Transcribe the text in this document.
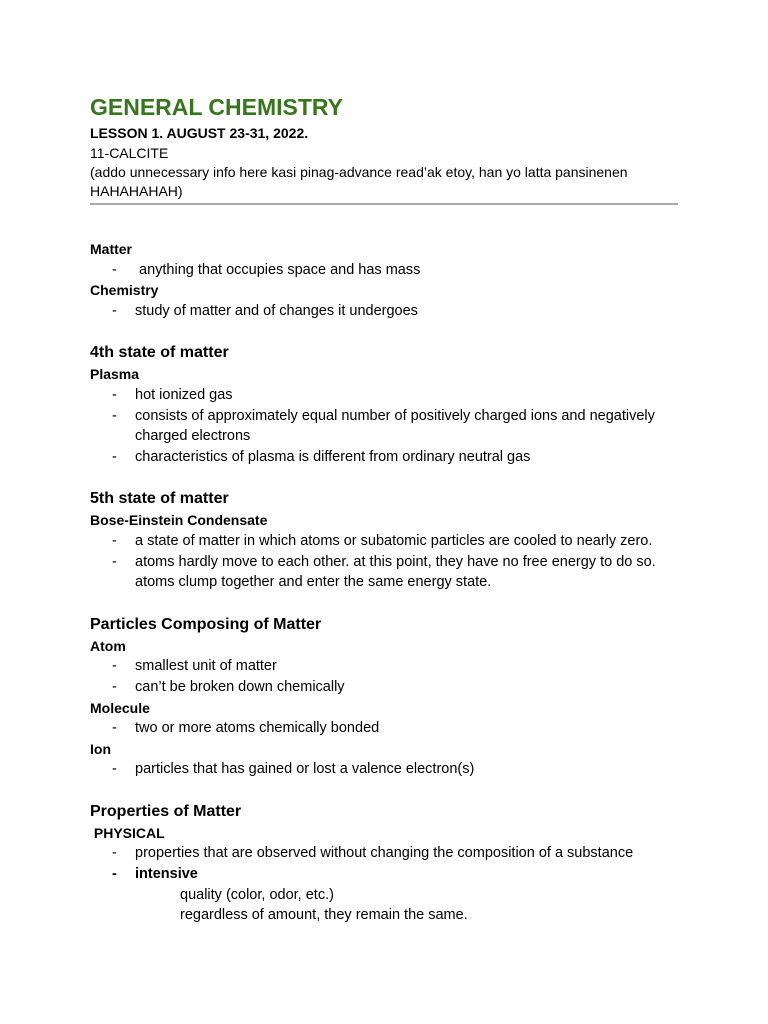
GENERAL CHEMISTRY
LESSON 1. AUGUST 23-31, 2022.
11-CALCITE
(addo unnecessary info here kasi pinag-advance read’ak etoy, han yo latta pansinenen
HAHAHAHAH)
Matter
- anything that occupies space and has mass
Chemistry
- study of matter and of changes it undergoes
4th state of matter
Plasma
- hot ionized gas
- consists of approximately equal number of positively charged ions and negatively
charged electrons
- characteristics of plasma is different from ordinary neutral gas
5th state of matter
Bose-Einstein Condensate
- a state of matter in which atoms or subatomic particles are cooled to nearly zero.
- atoms hardly move to each other. at this point, they have no free energy to do so.
atoms clump together and enter the same energy state.
Particles Composing of Matter
Atom
- smallest unit of matter
- can’t be broken down chemically
Molecule
- two or more atoms chemically bonded
Ion
- particles that has gained or lost a valence electron(s)
Properties of Matter
PHYSICAL
- properties that are observed without changing the composition of a substance
- intensive
quality (color, odor, etc.)
regardless of amount, they remain the same.
